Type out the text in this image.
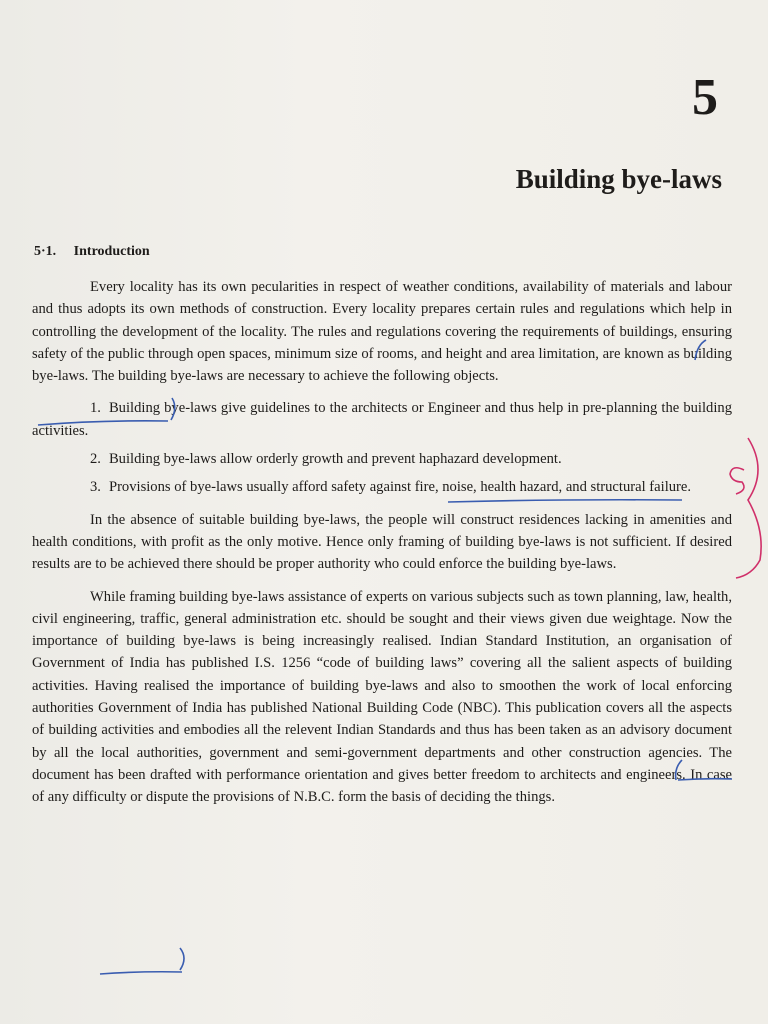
5
Building bye-laws
5·1. Introduction

Every locality has its own pecularities in respect of weather conditions, availability of materials and labour and thus adopts its own methods of construction. Every locality prepares certain rules and regulations which help in controlling the development of the locality. The rules and regulations covering the requirements of buildings, ensuring safety of the public through open spaces, minimum size of rooms, and height and area limitation, are known as building bye-laws. The building bye-laws are necessary to achieve the following objects.

1. Building bye-laws give guidelines to the architects or Engineer and thus help in pre-planning the building activities.
2. Building bye-laws allow orderly growth and prevent haphazard development.
3. Provisions of bye-laws usually afford safety against fire, noise, health hazard, and structural failure.

In the absence of suitable building bye-laws, the people will construct residences lacking in amenities and health conditions, with profit as the only motive. Hence only framing of building bye-laws is not sufficient. If desired results are to be achieved there should be proper authority who could enforce the building bye-laws.

While framing building bye-laws assistance of experts on various subjects such as town planning, law, health, civil engineering, traffic, general administration etc. should be sought and their views given due weightage. Now the importance of building bye-laws is being increasingly realised. Indian Standard Institution, an organisation of Government of India has published I.S. 1256 “code of building laws” covering all the salient aspects of building activities. Having realised the importance of building bye-laws and also to smoothen the work of local enforcing authorities Government of India has published National Building Code (NBC). This publication covers all the aspects of building activities and embodies all the relevent Indian Standards and thus has been taken as an advisory document by all the local authorities, government and semi-government departments and other construction agencies. The document has been drafted with performance orientation and gives better freedom to architects and engineers. In case of any difficulty or dispute the provisions of N.B.C. form the basis of deciding the things.
